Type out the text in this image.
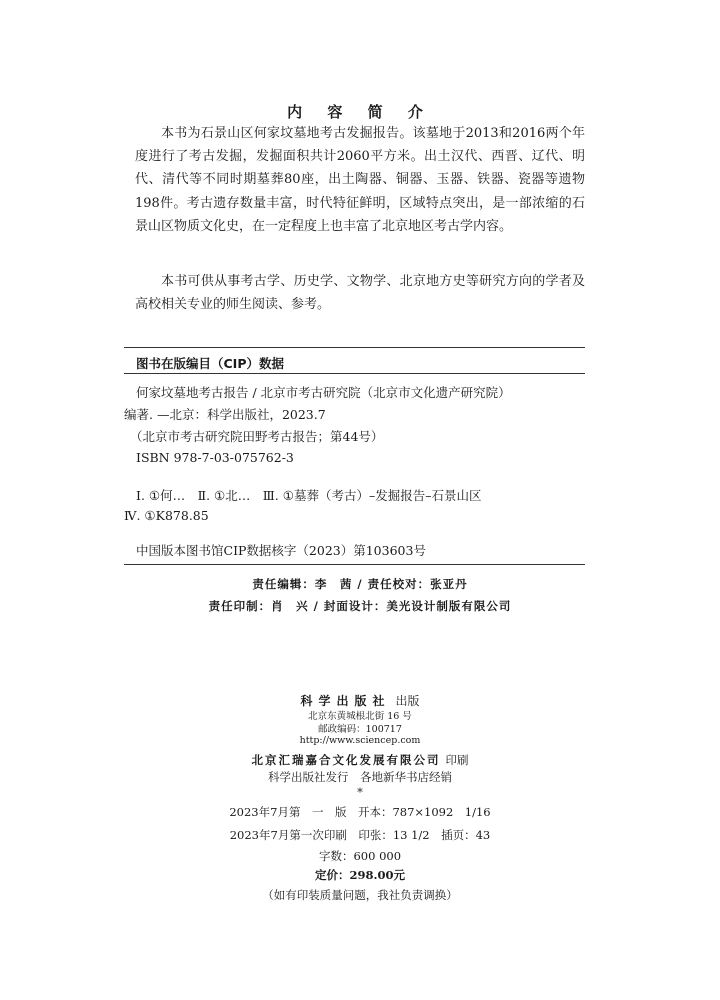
内 容 简 介
本书为石景山区何家坟墓地考古发掘报告。该墓地于2013和2016两个年度进行了考古发掘，发掘面积共计2060平方米。出土汉代、西晋、辽代、明代、清代等不同时期墓葬80座，出土陶器、铜器、玉器、铁器、瓷器等遗物198件。考古遗存数量丰富，时代特征鲜明，区域特点突出，是一部浓缩的石景山区物质文化史，在一定程度上也丰富了北京地区考古学内容。
本书可供从事考古学、历史学、文物学、北京地方史等研究方向的学者及高校相关专业的师生阅读、参考。
图书在版编目（CIP）数据
何家坟墓地考古报告 / 北京市考古研究院（北京市文化遗产研究院）
编著. —北京：科学出版社，2023.7
（北京市考古研究院田野考古报告；第44号）
ISBN 978-7-03-075762-3
Ⅰ. ①何…　Ⅱ. ①北…　Ⅲ. ①墓葬（考古）–发掘报告–石景山区
Ⅳ. ①K878.85
中国版本图书馆CIP数据核字（2023）第103603号
责任编辑：李　茜 / 责任校对：张亚丹
责任印制：肖　兴 / 封面设计：美光设计制版有限公司
科学出版社 出版
北京东黄城根北街 16 号
邮政编码：100717
http://www.sciencep.com
北京汇瑞嘉合文化发展有限公司 印刷
科学出版社发行　各地新华书店经销
*
2023年7月第　一　版　开本：787×1092　1/16
2023年7月第一次印刷　印张：13 1/2　插页：43
字数：600 000
定价：298.00元
（如有印装质量问题，我社负责调换）
